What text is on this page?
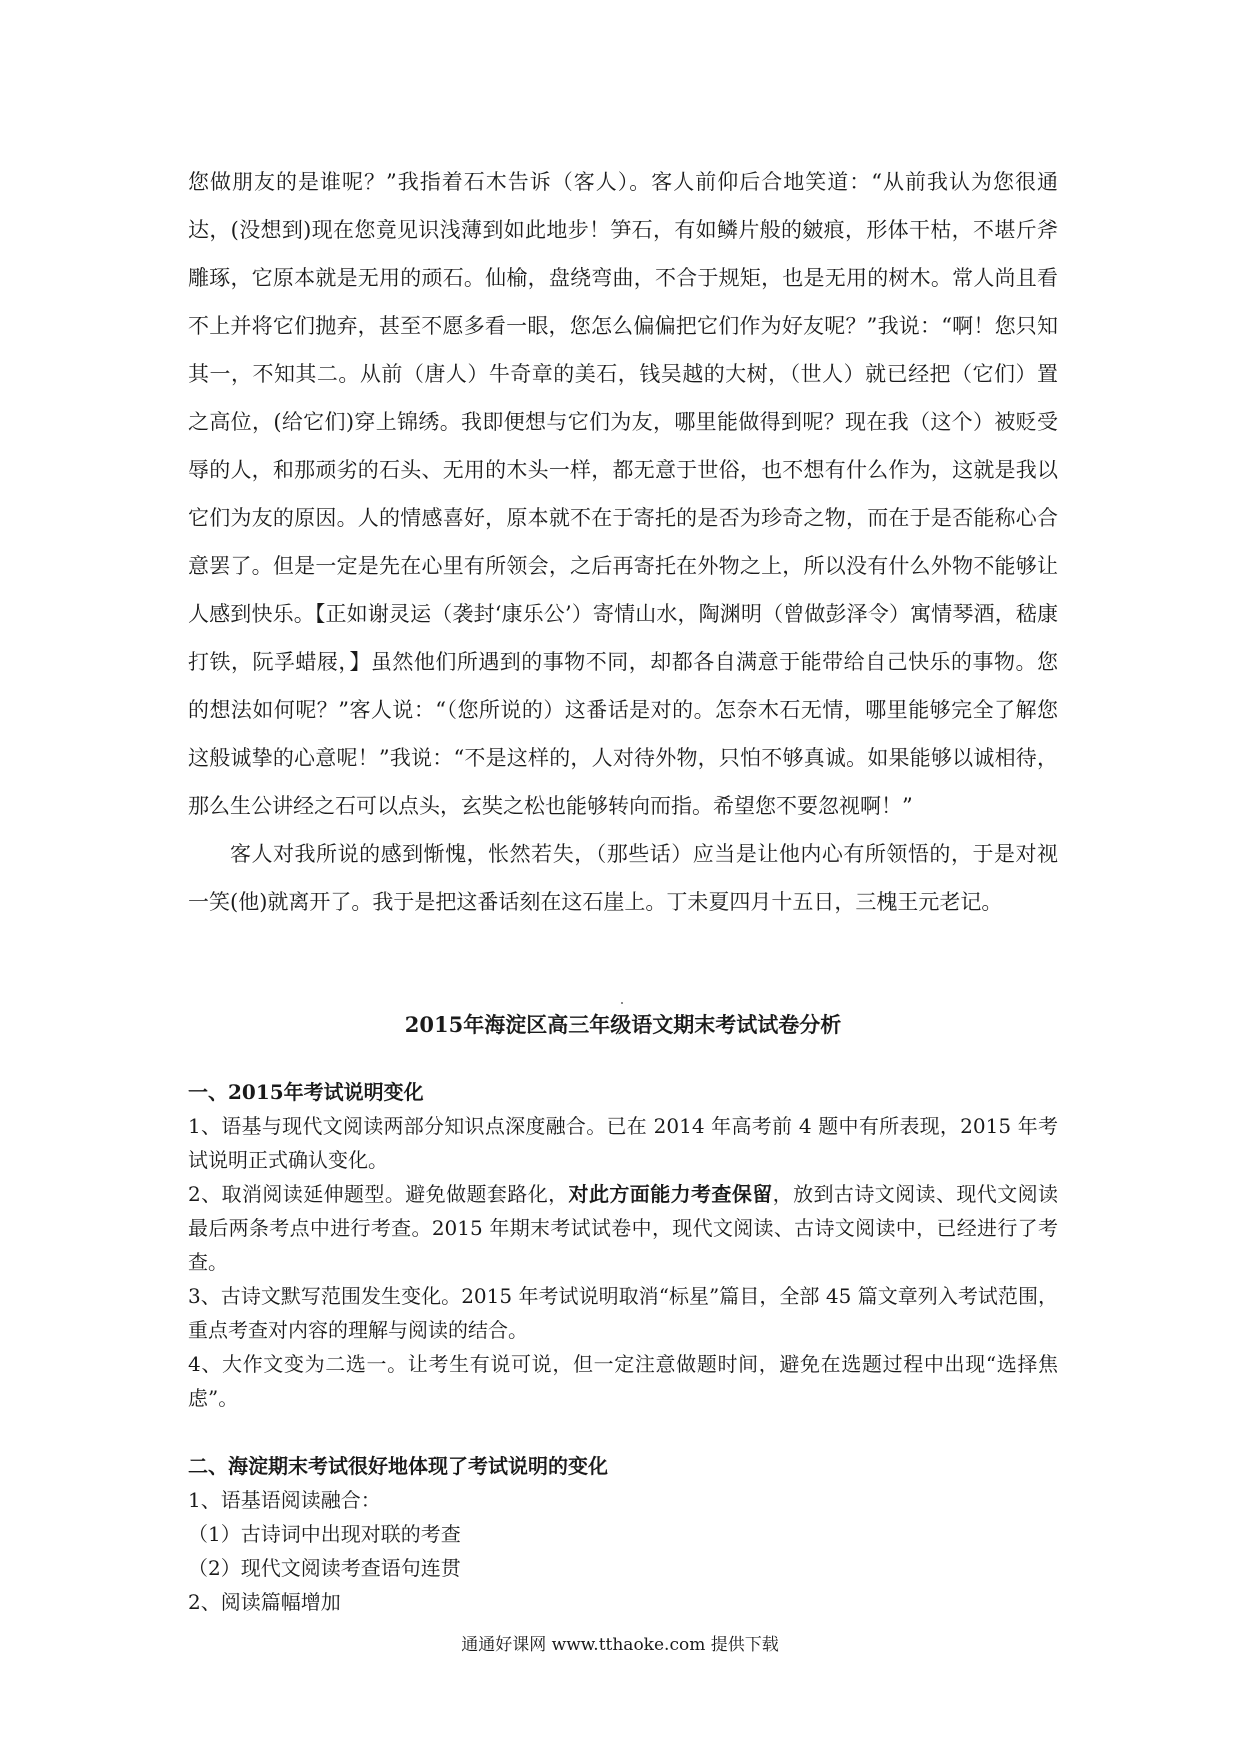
您做朋友的是谁呢？”我指着石木告诉（客人）。客人前仰后合地笑道：“从前我认为您很通达，(没想到)现在您竟见识浅薄到如此地步！笋石，有如鳞片般的皴痕，形体干枯，不堪斤斧雕琢，它原本就是无用的顽石。仙榆，盘绕弯曲，不合于规矩，也是无用的树木。常人尚且看不上并将它们抛弃，甚至不愿多看一眼，您怎么偏偏把它们作为好友呢？”我说：“啊！您只知其一，不知其二。从前（唐人）牛奇章的美石，钱吴越的大树，（世人）就已经把（它们）置之高位，(给它们)穿上锦绣。我即便想与它们为友，哪里能做得到呢？现在我（这个）被贬受辱的人，和那顽劣的石头、无用的木头一样，都无意于世俗，也不想有什么作为，这就是我以它们为友的原因。人的情感喜好，原本就不在于寄托的是否为珍奇之物，而在于是否能称心合意罢了。但是一定是先在心里有所领会，之后再寄托在外物之上，所以没有什么外物不能够让人感到快乐。【正如谢灵运（袭封‘康乐公’）寄情山水，陶渊明（曾做彭泽令）寓情琴酒，嵇康打铁，阮孚蜡屐，】虽然他们所遇到的事物不同，却都各自满意于能带给自己快乐的事物。您的想法如何呢？”客人说：“（您所说的）这番话是对的。怎奈木石无情，哪里能够完全了解您这般诚挚的心意呢！”我说：“不是这样的，人对待外物，只怕不够真诚。如果能够以诚相待，那么生公讲经之石可以点头，玄奘之松也能够转向而指。希望您不要忽视啊！”

客人对我所说的感到惭愧，怅然若失，（那些话）应当是让他内心有所领悟的，于是对视一笑(他)就离开了。我于是把这番话刻在这石崖上。丁未夏四月十五日，三槐王元老记。

2015年海淀区高三年级语文期末考试试卷分析
一、2015年考试说明变化

1、语基与现代文阅读两部分知识点深度融合。已在 2014 年高考前 4 题中有所表现，2015 年考试说明正式确认变化。

2、取消阅读延伸题型。避免做题套路化，对此方面能力考查保留，放到古诗文阅读、现代文阅读最后两条考点中进行考查。2015 年期末考试试卷中，现代文阅读、古诗文阅读中，已经进行了考查。

3、古诗文默写范围发生变化。2015 年考试说明取消“标星”篇目，全部 45 篇文章列入考试范围，重点考查对内容的理解与阅读的结合。

4、大作文变为二选一。让考生有说可说，但一定注意做题时间，避免在选题过程中出现“选择焦虑”。

二、海淀期末考试很好地体现了考试说明的变化

1、语基语阅读融合：

（1）古诗词中出现对联的考查

（2）现代文阅读考查语句连贯

2、阅读篇幅增加

通通好课网 www.tthaoke.com 提供下载
